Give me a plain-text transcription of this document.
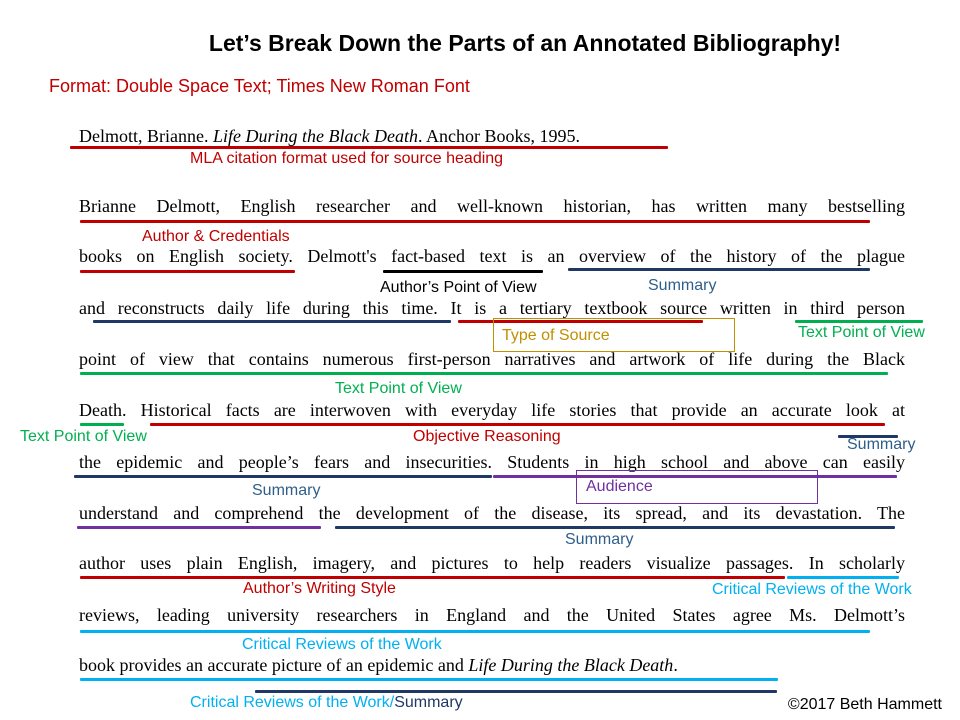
Let’s Break Down the Parts of an Annotated Bibliography!
Format: Double Space Text; Times New Roman Font
Delmott, Brianne. Life During the Black Death. Anchor Books, 1995.
Brianne Delmott, English researcher and well-known historian, has written many bestselling
books on English society. Delmott's fact-based text is an overview of the history of the plague
and reconstructs daily life during this time. It is a tertiary textbook source written in third person
point of view that contains numerous first-person narratives and artwork of life during the Black
Death. Historical facts are interwoven with everyday life stories that provide an accurate look at
the epidemic and people’s fears and insecurities. Students in high school and above can easily
understand and comprehend the development of the disease, its spread, and its devastation. The
author uses plain English, imagery, and pictures to help readers visualize passages. In scholarly
reviews, leading university researchers in England and the United States agree Ms. Delmott’s
book provides an accurate picture of an epidemic and Life During the Black Death.
MLA citation format used for source heading
Author & Credentials
Author’s Point of View	Summary
Type of Source	Text Point of View
Text Point of View
Text Point of View	Objective Reasoning	Summary
Audience
Summary
Summary
Author’s Writing Style	Critical Reviews of the Work
Critical Reviews of the Work
Critical Reviews of the Work/Summary	©2017 Beth Hammett
